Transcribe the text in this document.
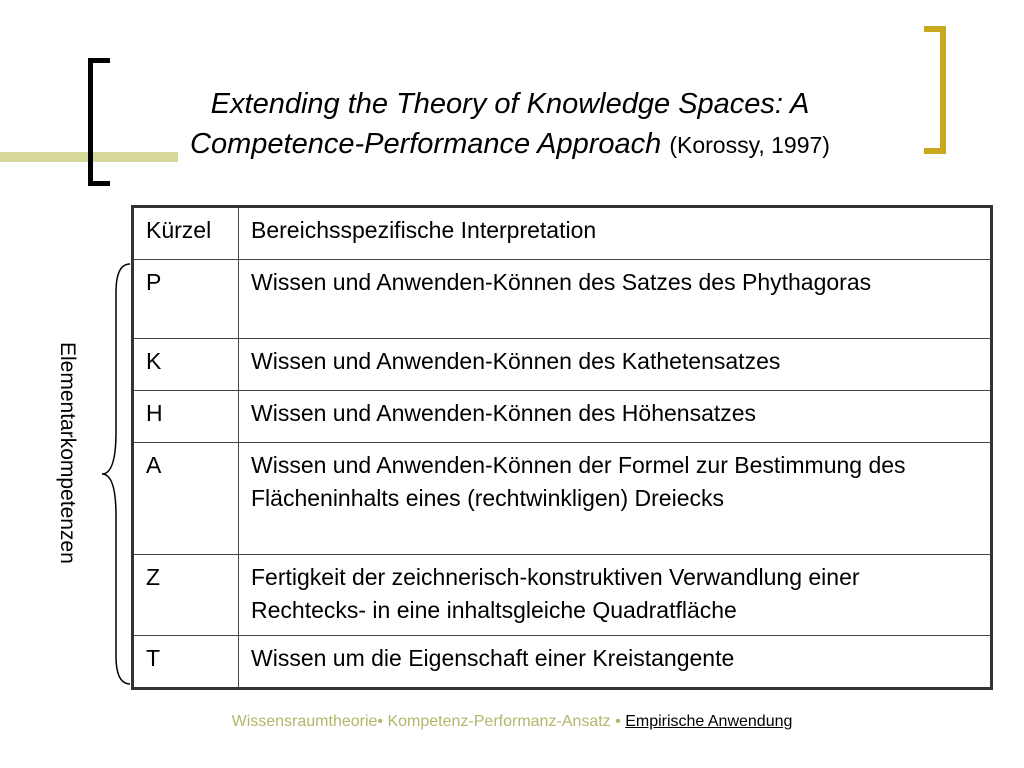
Extending the Theory of Knowledge Spaces: A
Competence-Performance Approach (Korossy, 1997)
Elementarkompetenzen
Kürzel	Bereichsspezifische Interpretation
P	Wissen und Anwenden-Können des Satzes des Phythagoras
K	Wissen und Anwenden-Können des Kathetensatzes
H	Wissen und Anwenden-Können des Höhensatzes
A	Wissen und Anwenden-Können der Formel zur Bestimmung des Flächeninhalts eines (rechtwinkligen) Dreiecks
Z	Fertigkeit der zeichnerisch-konstruktiven Verwandlung einer Rechtecks- in eine inhaltsgleiche Quadratfläche
T	Wissen um die Eigenschaft einer Kreistangente
Wissensraumtheorie• Kompetenz-Performanz-Ansatz • Empirische Anwendung
